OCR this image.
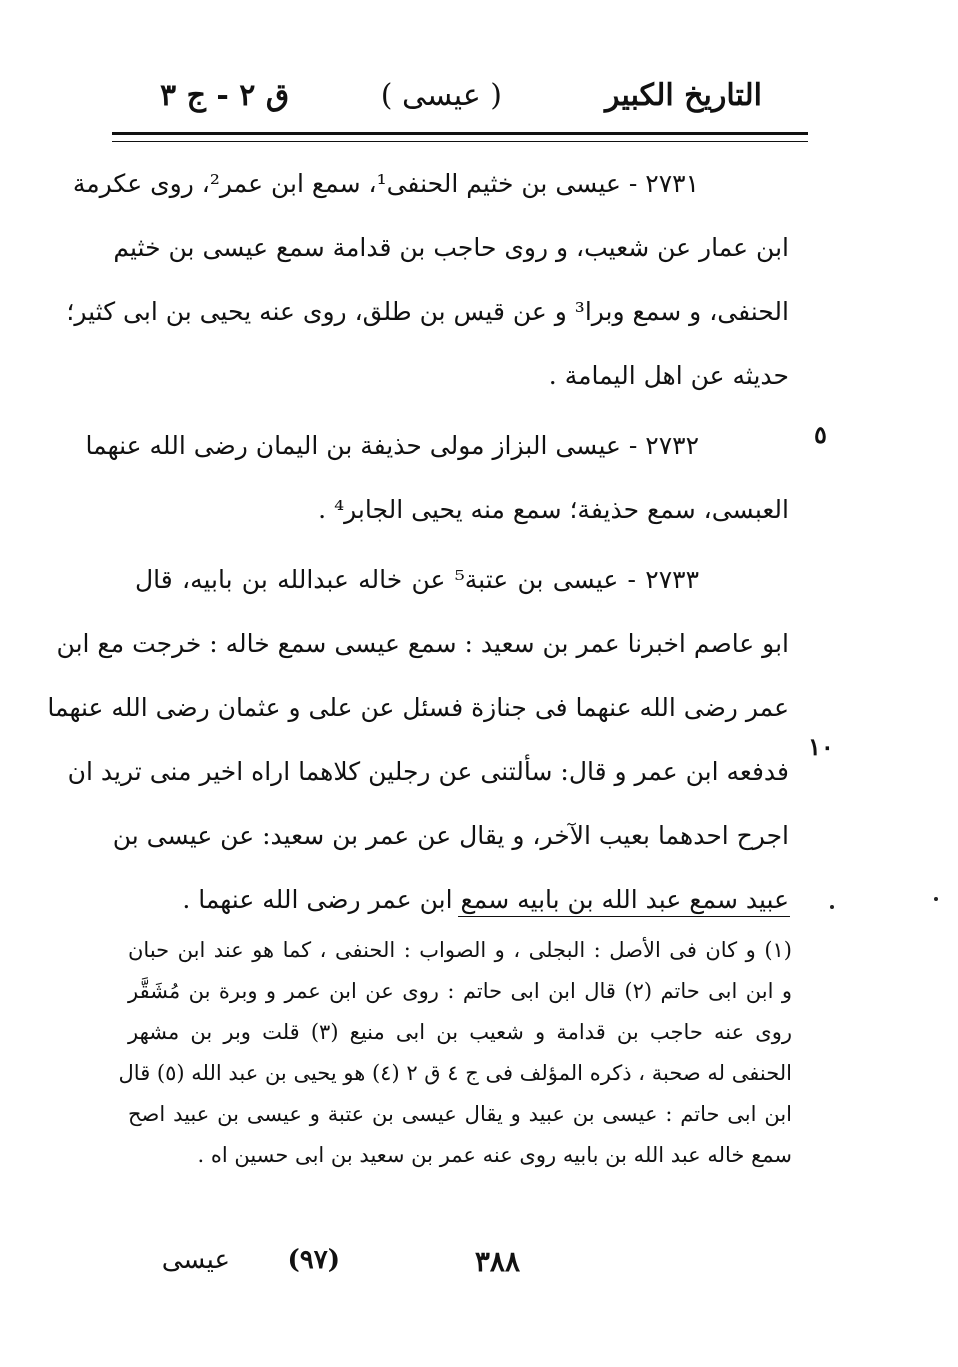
التاريخ الكبير
( عيسى )
ق ٢ - ج ٣
٢٧٣١ - عيسى بن خثيم الحنفى¹، سمع ابن عمر²، روى عكرمة
ابن عمار عن شعيب، و روى حاجب بن قدامة سمع عيسى بن خثيم
الحنفى، و سمع وبرا³ و عن قيس بن طلق، روى عنه يحيى بن ابى كثير؛
حديثه عن اهل اليمامة .
٢٧٣٢ - عيسى البزاز مولى حذيفة بن اليمان رضى الله عنهما
العبسى، سمع حذيفة؛ سمع منه يحيى الجابر⁴ .
٢٧٣٣ - عيسى بن عتبة⁵ عن خاله عبدالله بن بابيه، قال
ابو عاصم اخبرنا عمر بن سعيد : سمع عيسى سمع خاله : خرجت مع ابن
عمر رضى الله عنهما فى جنازة فسئل عن على و عثمان رضى الله عنهما
فدفعه ابن عمر و قال: سألتنى عن رجلين كلاهما اراه اخير منى تريد ان
اجرح احدهما بعيب الآخر، و يقال عن عمر بن سعيد: عن عيسى بن
عبيد سمع عبد الله بن بابيه سمع ابن عمر رضى الله عنهما .
٥
١٠
(١) و كان فى الأصل : البجلى ، و الصواب : الحنفى ، كما هو عند ابن حبان
و ابن ابى حاتم (٢) قال ابن ابى حاتم : روى عن ابن عمر و وبرة بن مُشَقَّر
روى عنه حاجب بن قدامة و شعيب بن ابى منيع (٣) قلت وبر بن مشهر
الحنفى له صحبة ، ذكره المؤلف فى ج ٤ ق ٢ (٤) هو يحيى بن عبد الله (٥) قال
ابن ابى حاتم : عيسى بن عبيد و يقال عيسى بن عتبة و عيسى بن عبيد اصح
سمع خاله عبد الله بن بابيه روى عنه عمر بن سعيد بن ابى حسين اه .
٣٨٨
(٩٧)
عيسى
